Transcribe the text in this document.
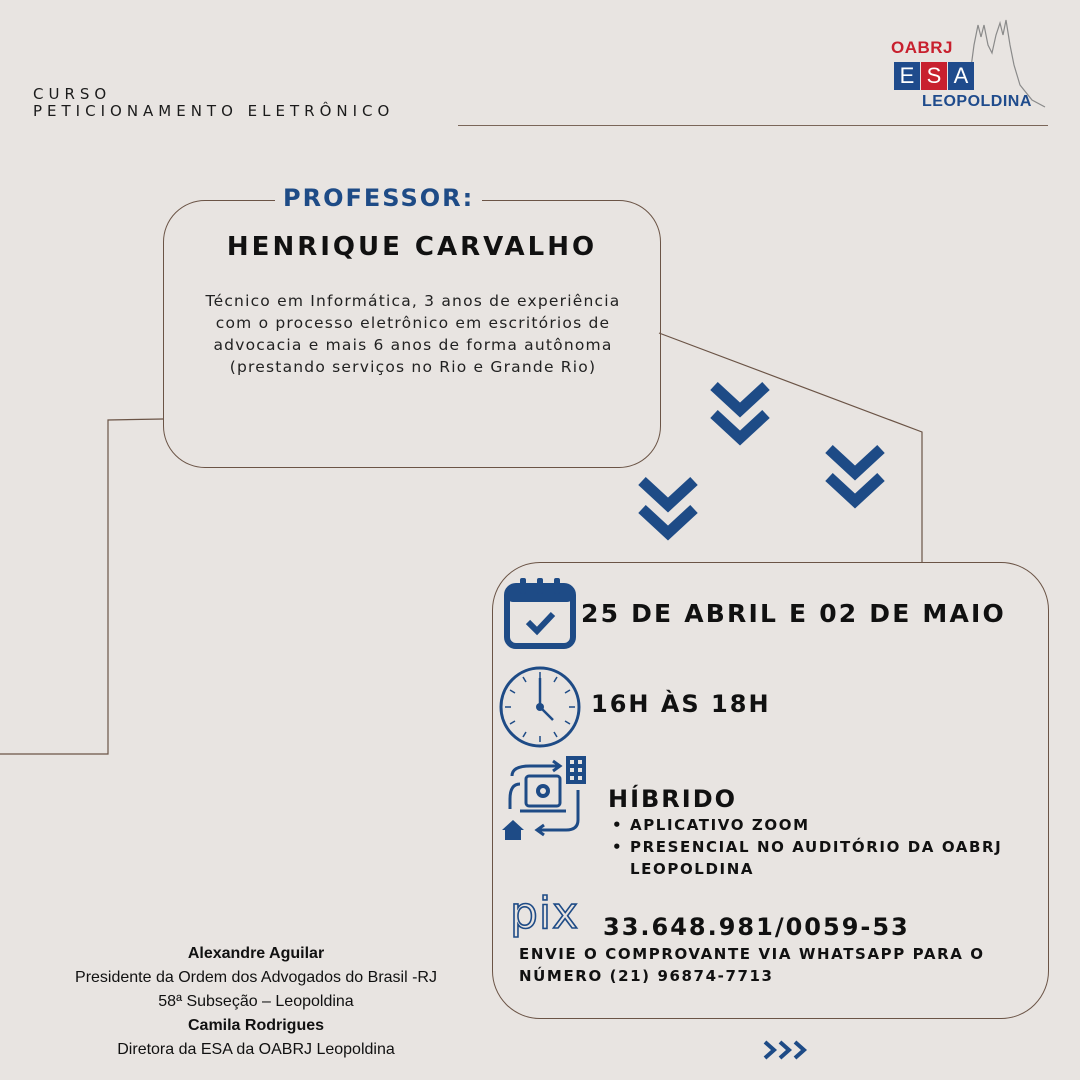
CURSO
PETICIONAMENTO ELETRÔNICO
OABRJ
E S A
LEOPOLDINA
PROFESSOR:
HENRIQUE CARVALHO
Técnico em Informática, 3 anos de experiência com o processo eletrônico em escritórios de advocacia e mais 6 anos de forma autônoma (prestando serviços no Rio e Grande Rio)
25 DE ABRIL E 02 DE MAIO
16H ÀS 18H
HÍBRIDO
• APLICATIVO ZOOM
• PRESENCIAL NO AUDITÓRIO DA OABRJ LEOPOLDINA
pix 33.648.981/0059-53
ENVIE O COMPROVANTE VIA WHATSAPP PARA O NÚMERO (21) 96874-7713
Alexandre Aguilar
Presidente da Ordem dos Advogados do Brasil -RJ
58ª Subseção – Leopoldina
Camila Rodrigues
Diretora da ESA da OABRJ Leopoldina
